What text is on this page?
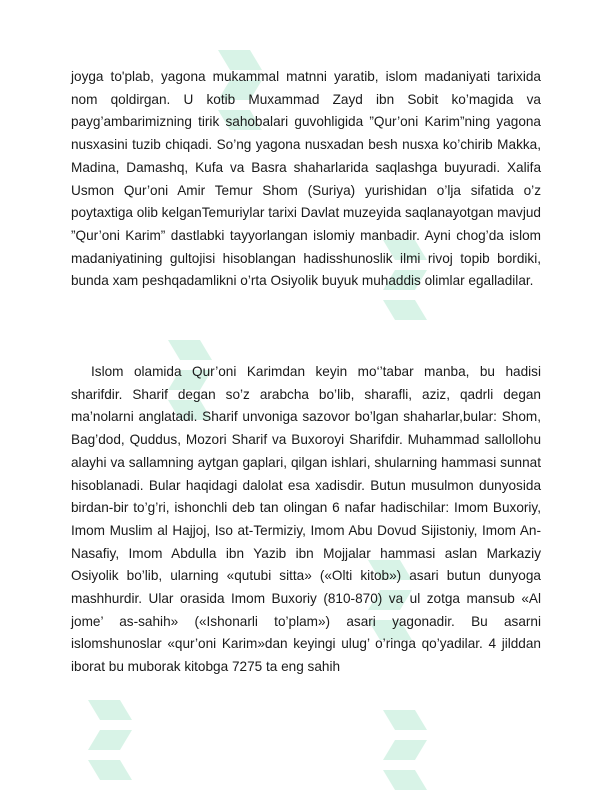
joyga to'plab, yagona mukammal matnni yaratib, islom madaniyati tarixida nom qoldirgan. U kotib Muxammad Zayd ibn Sobit ko’magida va payg’ambarimizning tirik sahobalari guvohligida ”Qur’oni Karim”ning yagona nusxasini tuzib chiqadi. So’ng yagona nusxadan besh nusxa ko’chirib Makka, Madina, Damashq, Kufa va Basra shaharlarida saqlashga buyuradi. Xalifa Usmon Qur’oni Amir Temur Shom (Suriya) yurishidan o’lja sifatida o’z poytaxtiga olib kelganTemuriylar tarixi Davlat muzeyida saqlanayotgan mavjud ”Qur’oni Karim” dastlabki tayyorlangan islomiy manbadir. Ayni chog’da islom madaniyatining gultojisi hisoblangan hadisshunoslik ilmi rivoj topib bordiki, bunda xam peshqadamlikni o’rta Osiyolik buyuk muhaddis olimlar egalladilar.

Islom olamida Qur’oni Karimdan keyin mo‘’tabar manba, bu hadisi sharifdir. Sharif degan so’z arabcha bo’lib, sharafli, aziz, qadrli degan ma’nolarni anglatadi. Sharif unvoniga sazovor bo’lgan shaharlar,bular: Shom, Bag’dod, Quddus, Mozori Sharif va Buxoroyi Sharifdir. Muhammad sallollohu alayhi va sallamning aytgan gaplari, qilgan ishlari, shularning hammasi sunnat hisoblanadi. Bular haqidagi dalolat esa xadisdir. Butun musulmon dunyosida birdan-bir to’g’ri, ishonchli deb tan olingan 6 nafar hadischilar: Imom Buxoriy, Imom Muslim al Hajjoj, Iso at-Termiziy, Imom Abu Dovud Sijistoniy, Imom An-Nasafiy, Imom Abdulla ibn Yazib ibn Mojjalar hammasi aslan Markaziy Osiyolik bo’lib, ularning «qutubi sitta» («Olti kitob») asari butun dunyoga mashhurdir. Ular orasida Imom Buxoriy (810-870) va ul zotga mansub «Al jome’ as-sahih» («Ishonarli to’plam») asari yagonadir. Bu asarni islomshunoslar «qur’oni Karim»dan keyingi ulug’ o’ringa qo’yadilar. 4 jilddan iborat bu muborak kitobga 7275 ta eng sahih
